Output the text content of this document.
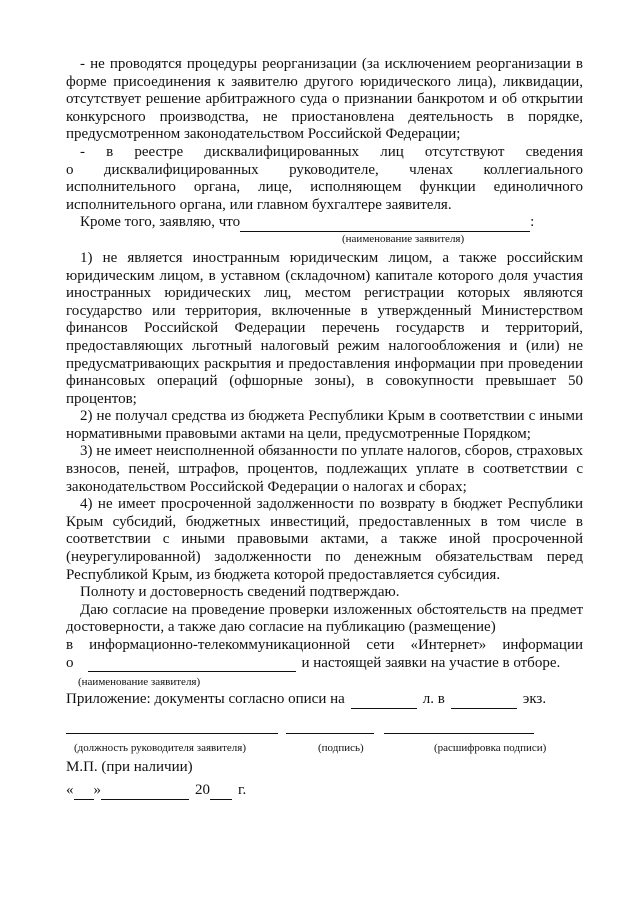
- не проводятся процедуры реорганизации (за исключением реорганизации в форме присоединения к заявителю другого юридического лица), ликвидации, отсутствует решение арбитражного суда о признании банкротом и об открытии конкурсного производства, не приостановлена деятельность в порядке, предусмотренном законодательством Российской Федерации;

- в реестре дисквалифицированных лиц отсутствуют сведения

о дисквалифицированных руководителе, членах коллегиального

исполнительного органа, лице, исполняющем функции единоличного

исполнительного органа, или главном бухгалтере заявителя.

Кроме того, заявляю, что	:
(наименование заявителя)

1) не является иностранным юридическим лицом, а также российским юридическим лицом, в уставном (складочном) капитале которого доля участия иностранных юридических лиц, местом регистрации которых являются государство или территория, включенные в утвержденный Министерством финансов Российской Федерации перечень государств и территорий, предоставляющих льготный налоговый режим налогообложения и (или) не предусматривающих раскрытия и предоставления информации при проведении финансовых операций (офшорные зоны), в совокупности превышает 50 процентов;

2) не получал средства из бюджета Республики Крым в соответствии с иными нормативными правовыми актами на цели, предусмотренные Порядком;

3) не имеет неисполненной обязанности по уплате налогов, сборов, страховых взносов, пеней, штрафов, процентов, подлежащих уплате в соответствии с законодательством Российской Федерации о налогах и сборах;

4) не имеет просроченной задолженности по возврату в бюджет Республики Крым субсидий, бюджетных инвестиций, предоставленных в том числе в соответствии с иными правовыми актами, а также иной просроченной (неурегулированной) задолженности по денежным обязательствам перед Республикой Крым, из бюджета которой предоставляется субсидия.

Полноту и достоверность сведений подтверждаю.

Даю согласие на проведение проверки изложенных обстоятельств на предмет достоверности, а также даю согласие на публикацию (размещение)

в информационно-телекоммуникационной сети «Интернет» информации

о	и настоящей заявки на участие в отборе.
(наименование заявителя)
Приложение: документы согласно описи на	л. в	экз.
(должность руководителя заявителя)	(подпись)	(расшифровка подписи)
М.П. (при наличии)
« »	20 г.
